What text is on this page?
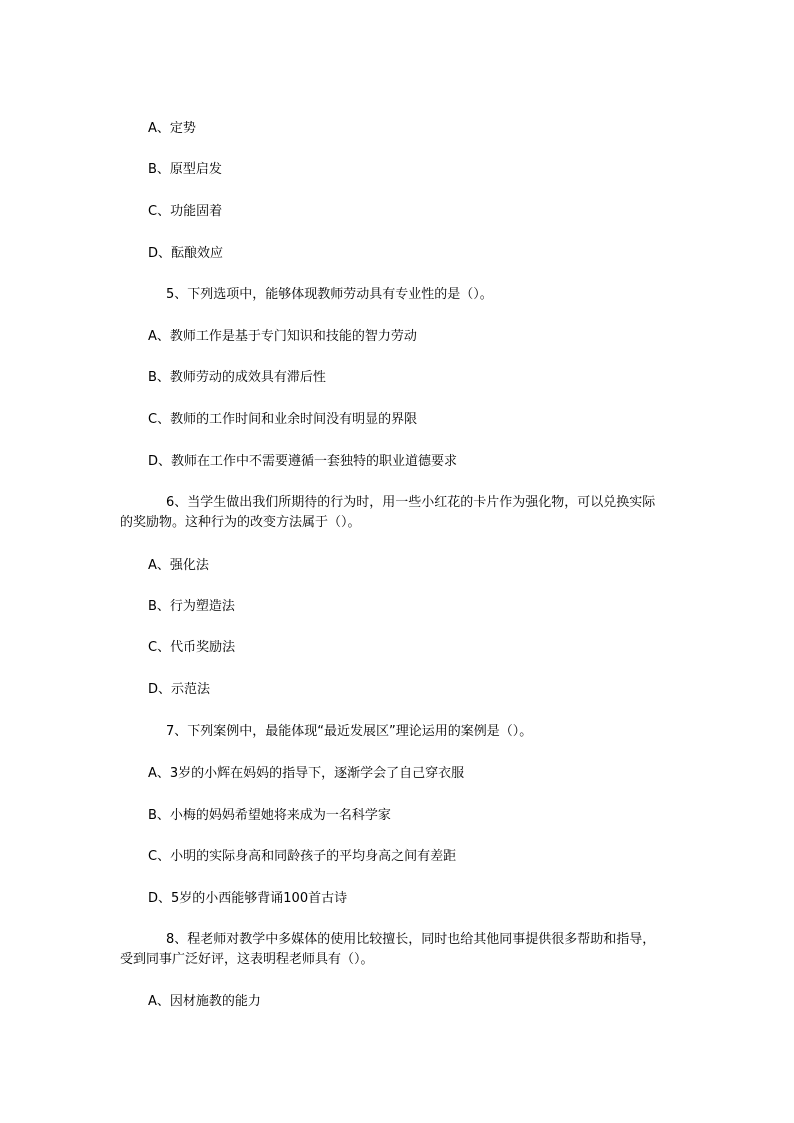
A、定势
B、原型启发
C、功能固着
D、酝酿效应
5、下列选项中，能够体现教师劳动具有专业性的是（）。
A、教师工作是基于专门知识和技能的智力劳动
B、教师劳动的成效具有滞后性
C、教师的工作时间和业余时间没有明显的界限
D、教师在工作中不需要遵循一套独特的职业道德要求
6、当学生做出我们所期待的行为时，用一些小红花的卡片作为强化物，可以兑换实际
的奖励物。这种行为的改变方法属于（）。
A、强化法
B、行为塑造法
C、代币奖励法
D、示范法
7、下列案例中，最能体现“最近发展区”理论运用的案例是（）。
A、3岁的小辉在妈妈的指导下，逐渐学会了自己穿衣服
B、小梅的妈妈希望她将来成为一名科学家
C、小明的实际身高和同龄孩子的平均身高之间有差距
D、5岁的小西能够背诵100首古诗
8、程老师对教学中多媒体的使用比较擅长，同时也给其他同事提供很多帮助和指导，
受到同事广泛好评，这表明程老师具有（）。
A、因材施教的能力
